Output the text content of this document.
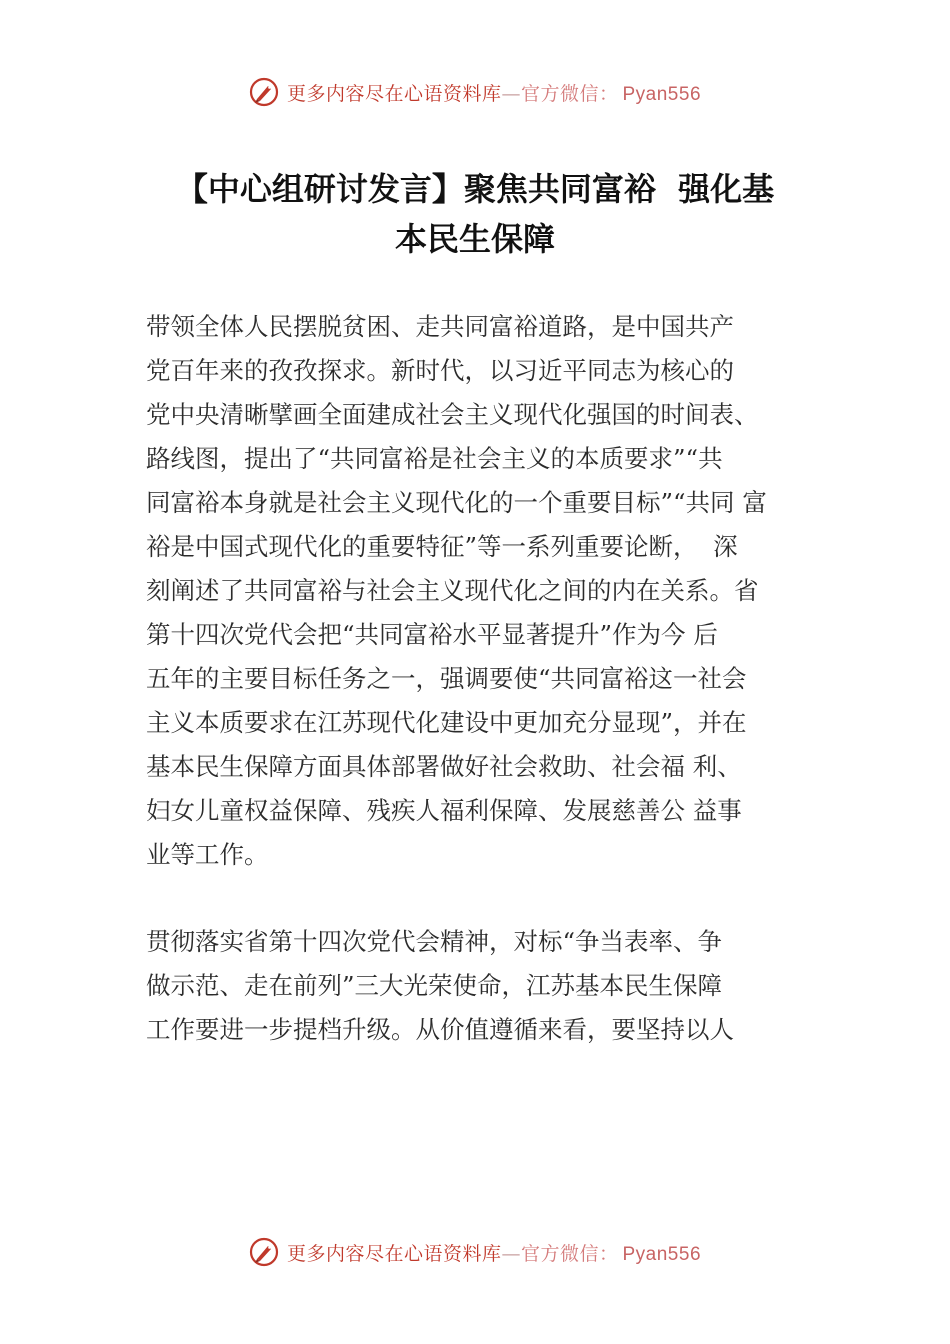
更多内容尽在心语资料库—官方微信： Pyan556
【中心组研讨发言】聚焦共同富裕  强化基
本民生保障
带领全体人民摆脱贫困、走共同富裕道路，是中国共产
党百年来的孜孜探求。新时代，以习近平同志为核心的
党中央清晰擘画全面建成社会主义现代化强国的时间表、
路线图，提出了“共同富裕是社会主义的本质要求”“共
同富裕本身就是社会主义现代化的一个重要目标”“共同 富
裕是中国式现代化的重要特征”等一系列重要论断，  深
刻阐述了共同富裕与社会主义现代化之间的内在关系。省
第十四次党代会把“共同富裕水平显著提升”作为今 后
五年的主要目标任务之一，强调要使“共同富裕这一社会
主义本质要求在江苏现代化建设中更加充分显现”，并在
基本民生保障方面具体部署做好社会救助、社会福 利、
妇女儿童权益保障、残疾人福利保障、发展慈善公 益事
业等工作。
贯彻落实省第十四次党代会精神，对标“争当表率、争
做示范、走在前列”三大光荣使命，江苏基本民生保障
工作要进一步提档升级。从价值遵循来看，要坚持以人
更多内容尽在心语资料库—官方微信： Pyan556
